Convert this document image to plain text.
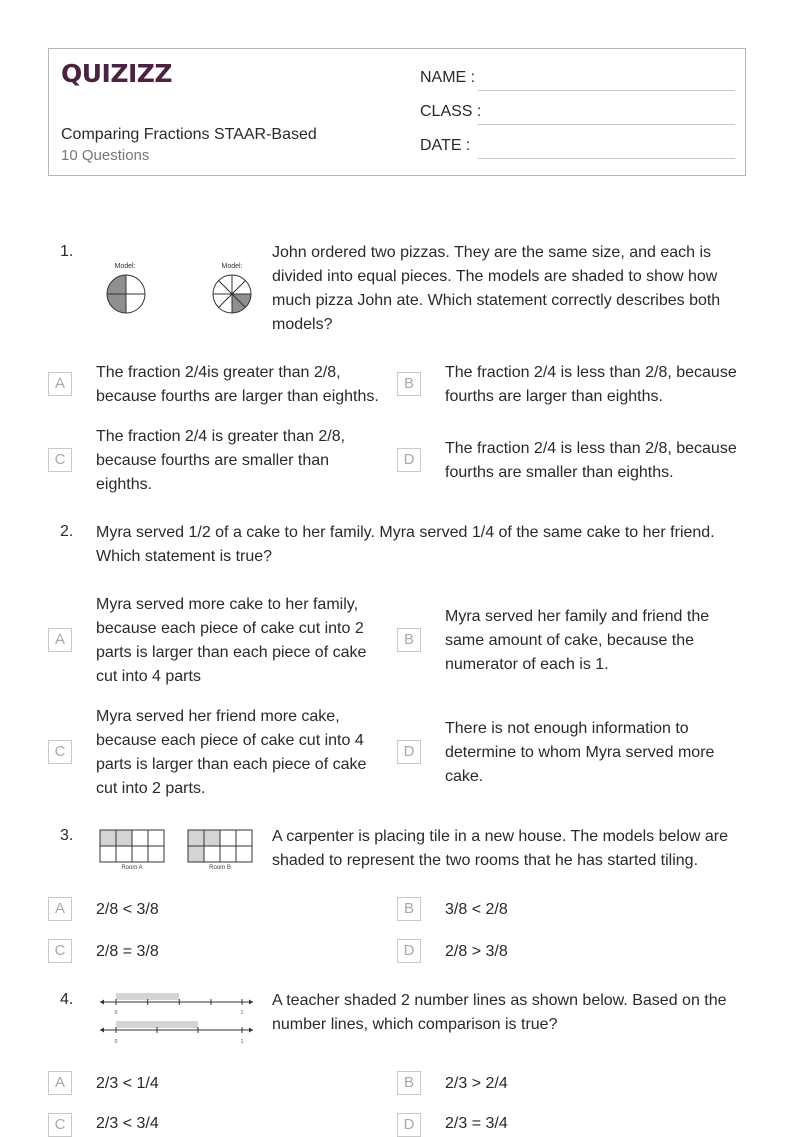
QUIZIZZ
Comparing Fractions STAAR-Based
10 Questions
NAME :
CLASS :
DATE :
1.
Model:	Model:
John ordered two pizzas. They are the same size, and each is divided into equal pieces. The models are shaded to show how much pizza John ate. Which statement correctly describes both models?
A
The fraction 2/4is greater than 2/8, because fourths are larger than eighths.
B
The fraction 2/4 is less than 2/8, because fourths are larger than eighths.
C
The fraction 2/4 is greater than 2/8, because fourths are smaller than eighths.
D
The fraction 2/4 is less than 2/8, because fourths are smaller than eighths.
2. Myra served 1/2 of a cake to her family. Myra served 1/4 of the same cake to her friend. Which statement is true?
A
Myra served more cake to her family, because each piece of cake cut into 2 parts is larger than each piece of cake cut into 4 parts
B
Myra served her family and friend the same amount of cake, because the numerator of each is 1.
C
Myra served her friend more cake, because each piece of cake cut into 4 parts is larger than each piece of cake cut into 2 parts.
D
There is not enough information to determine to whom Myra served more cake.
3.
Room A	Room B
A carpenter is placing tile in a new house. The models below are shaded to represent the two rooms that he has started tiling.
A	2/8 < 3/8	B	3/8 < 2/8
C	2/8 = 3/8	D	2/8 > 3/8
4.
0	1
0	1
A teacher shaded 2 number lines as shown below. Based on the number lines, which comparison is true?
A	2/3 < 1/4	B	2/3 > 2/4
C	2/3 < 3/4	D	2/3 = 3/4
